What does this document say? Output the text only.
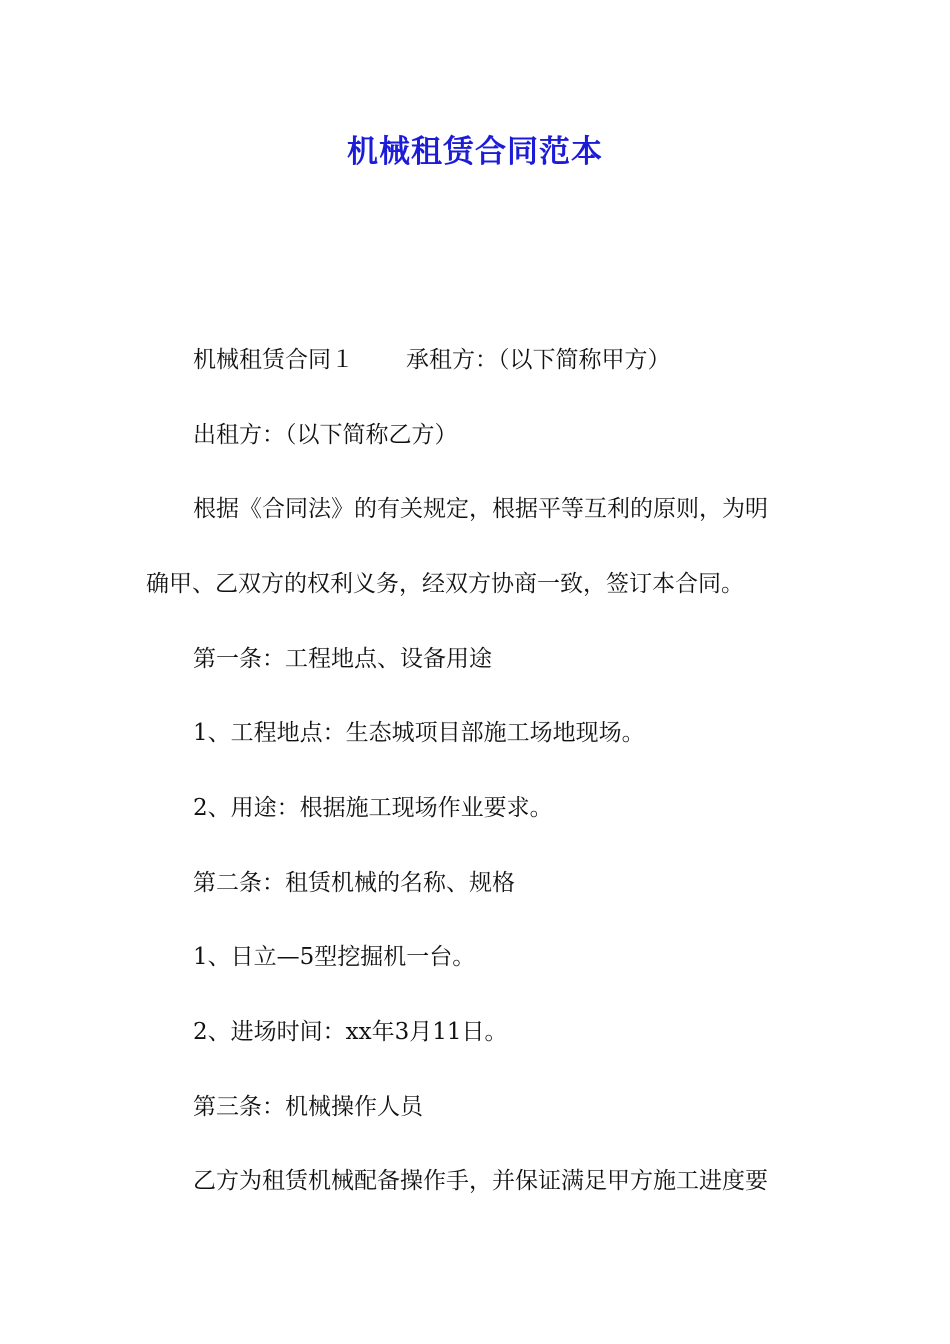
机械租赁合同范本
机械租赁合同１ 承租方：（以下简称甲方）
出租方：（以下简称乙方）
根据《合同法》的有关规定，根据平等互利的原则，为明
确甲、乙双方的权利义务，经双方协商一致，签订本合同。
第一条：工程地点、设备用途
1、工程地点：生态城项目部施工场地现场。
2、用途：根据施工现场作业要求。
第二条：租赁机械的名称、规格
1、日立—5型挖掘机一台。
2、进场时间：xx年3月11日。
第三条：机械操作人员
乙方为租赁机械配备操作手，并保证满足甲方施工进度要
